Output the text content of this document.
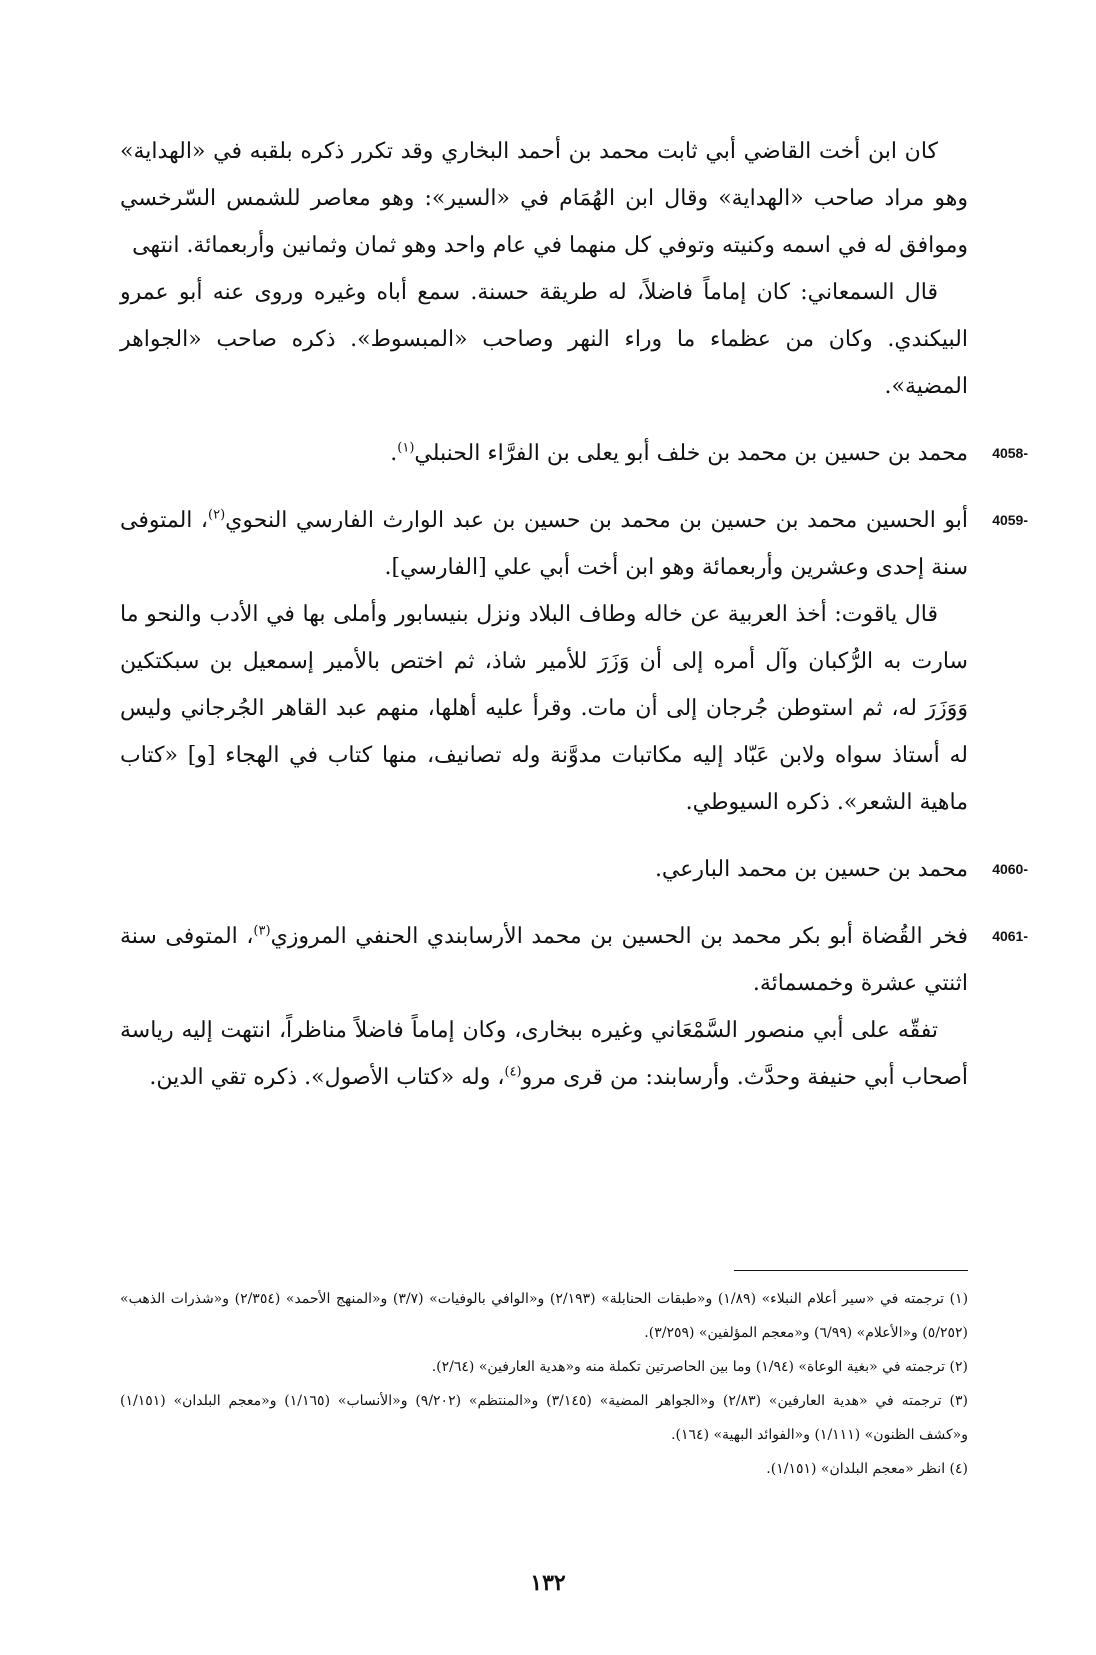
كان ابن أخت القاضي أبي ثابت محمد بن أحمد البخاري وقد تكرر ذكره بلقبه في «الهداية» وهو مراد صاحب «الهداية» وقال ابن الهُمَام في «السير»: وهو معاصر للشمس السّرخسي وموافق له في اسمه وكنيته وتوفي كل منهما في عام واحد وهو ثمان وثمانين وأربعمائة. انتهى

قال السمعاني: كان إماماً فاضلاً، له طريقة حسنة. سمع أباه وغيره وروى عنه أبو عمرو البيكندي. وكان من عظماء ما وراء النهر وصاحب «المبسوط». ذكره صاحب «الجواهر المضية».

4058-
محمد بن حسين بن محمد بن خلف أبو يعلى بن الفرَّاء الحنبلي$^{(١)}$.

4059-
أبو الحسين محمد بن حسين بن محمد بن حسين بن عبد الوارث الفارسي النحوي$^{(٢)}$، المتوفى سنة إحدى وعشرين وأربعمائة وهو ابن أخت أبي علي [الفارسي].

قال ياقوت: أخذ العربية عن خاله وطاف البلاد ونزل بنيسابور وأملى بها في الأدب والنحو ما سارت به الرُّكبان وآل أمره إلى أن وَزَرَ للأمير شاذ، ثم اختص بالأمير إسمعيل بن سبكتكين وَوَزَرَ له، ثم استوطن جُرجان إلى أن مات. وقرأ عليه أهلها، منهم عبد القاهر الجُرجاني وليس له أستاذ سواه ولابن عَبّاد إليه مكاتبات مدوَّنة وله تصانيف، منها كتاب في الهجاء [و] «كتاب ماهية الشعر». ذكره السيوطي.

4060-
محمد بن حسين بن محمد البارعي.

4061-
فخر القُضاة أبو بكر محمد بن الحسين بن محمد الأرسابندي الحنفي المروزي$^{(٣)}$، المتوفى سنة اثنتي عشرة وخمسمائة.

تفقّه على أبي منصور السَّمْعَاني وغيره ببخارى، وكان إماماً فاضلاً مناظراً، انتهت إليه رياسة أصحاب أبي حنيفة وحدَّث. وأرسابند: من قرى مرو$^{(٤)}$، وله «كتاب الأصول». ذكره تقي الدين.

(١) ترجمته في «سير أعلام النبلاء» (١/٨٩) و«طبقات الحنابلة» (٢/١٩٣) و«الوافي بالوفيات» (٣/٧) و«المنهج الأحمد» (٢/٣٥٤) و«شذرات الذهب» (٥/٢٥٢) و«الأعلام» (٦/٩٩) و«معجم المؤلفين» (٣/٢٥٩).

(٢) ترجمته في «بغية الوعاة» (١/٩٤) وما بين الحاصرتين تكملة منه و«هدية العارفين» (٢/٦٤).

(٣) ترجمته في «هدية العارفين» (٢/٨٣) و«الجواهر المضية» (٣/١٤٥) و«المنتظم» (٩/٢٠٢) و«الأنساب» (١/١٦٥) و«معجم البلدان» (١/١٥١) و«كشف الظنون» (١/١١١) و«الفوائد البهية» (١٦٤).

(٤) انظر «معجم البلدان» (١/١٥١).

١٣٢
